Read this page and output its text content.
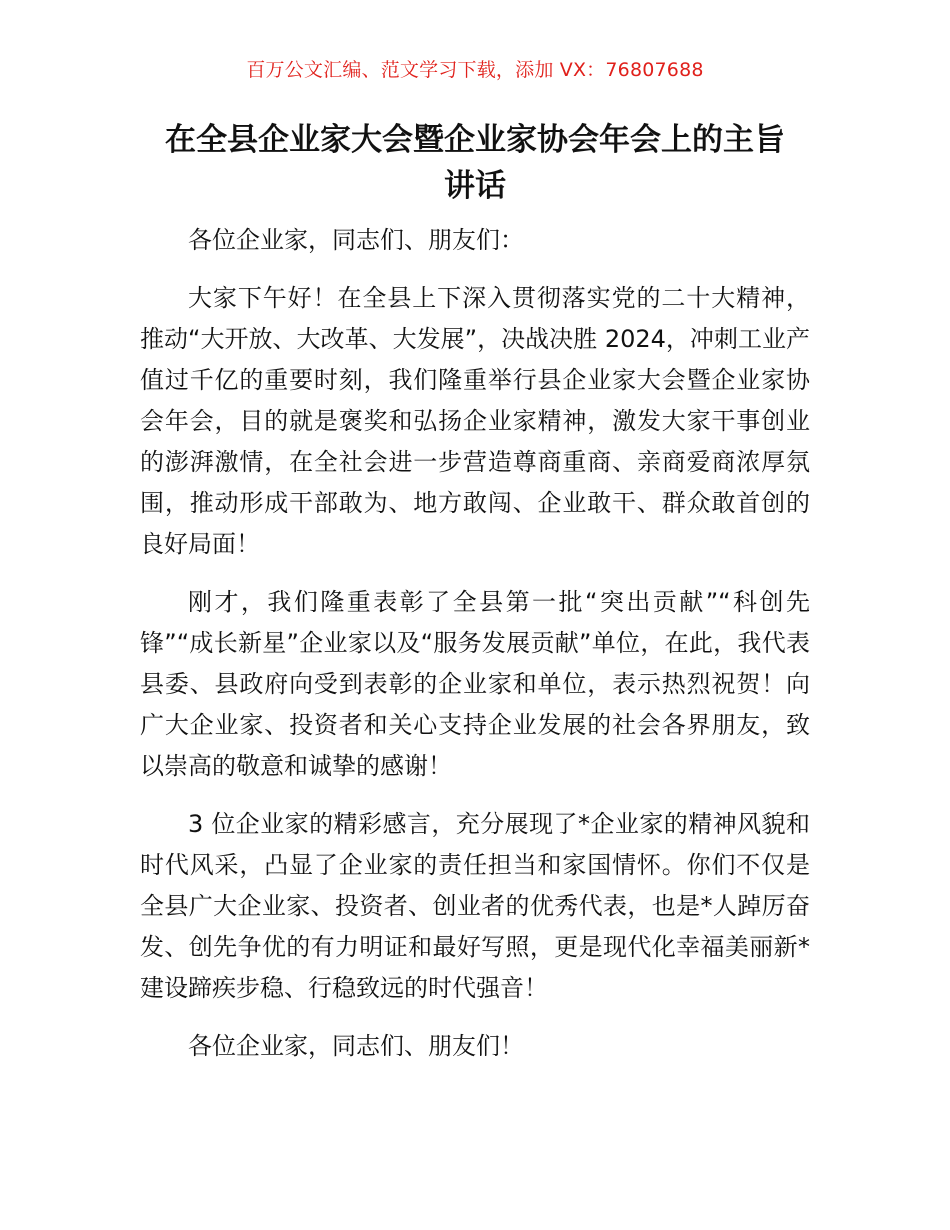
百万公文汇编、范文学习下载，添加 VX：76807688
在全县企业家大会暨企业家协会年会上的主旨
讲话

各位企业家，同志们、朋友们：

大家下午好！在全县上下深入贯彻落实党的二十大精神，推动“大开放、大改革、大发展”，决战决胜 2024，冲刺工业产值过千亿的重要时刻，我们隆重举行县企业家大会暨企业家协会年会，目的就是褒奖和弘扬企业家精神，激发大家干事创业的澎湃激情，在全社会进一步营造尊商重商、亲商爱商浓厚氛围，推动形成干部敢为、地方敢闯、企业敢干、群众敢首创的良好局面！

刚才，我们隆重表彰了全县第一批“突出贡献”“科创先锋”“成长新星”企业家以及“服务发展贡献”单位，在此，我代表县委、县政府向受到表彰的企业家和单位，表示热烈祝贺！向广大企业家、投资者和关心支持企业发展的社会各界朋友，致以崇高的敬意和诚挚的感谢！

3 位企业家的精彩感言，充分展现了*企业家的精神风貌和时代风采，凸显了企业家的责任担当和家国情怀。你们不仅是全县广大企业家、投资者、创业者的优秀代表，也是*人踔厉奋发、创先争优的有力明证和最好写照，更是现代化幸福美丽新*建设蹄疾步稳、行稳致远的时代强音！

各位企业家，同志们、朋友们！
